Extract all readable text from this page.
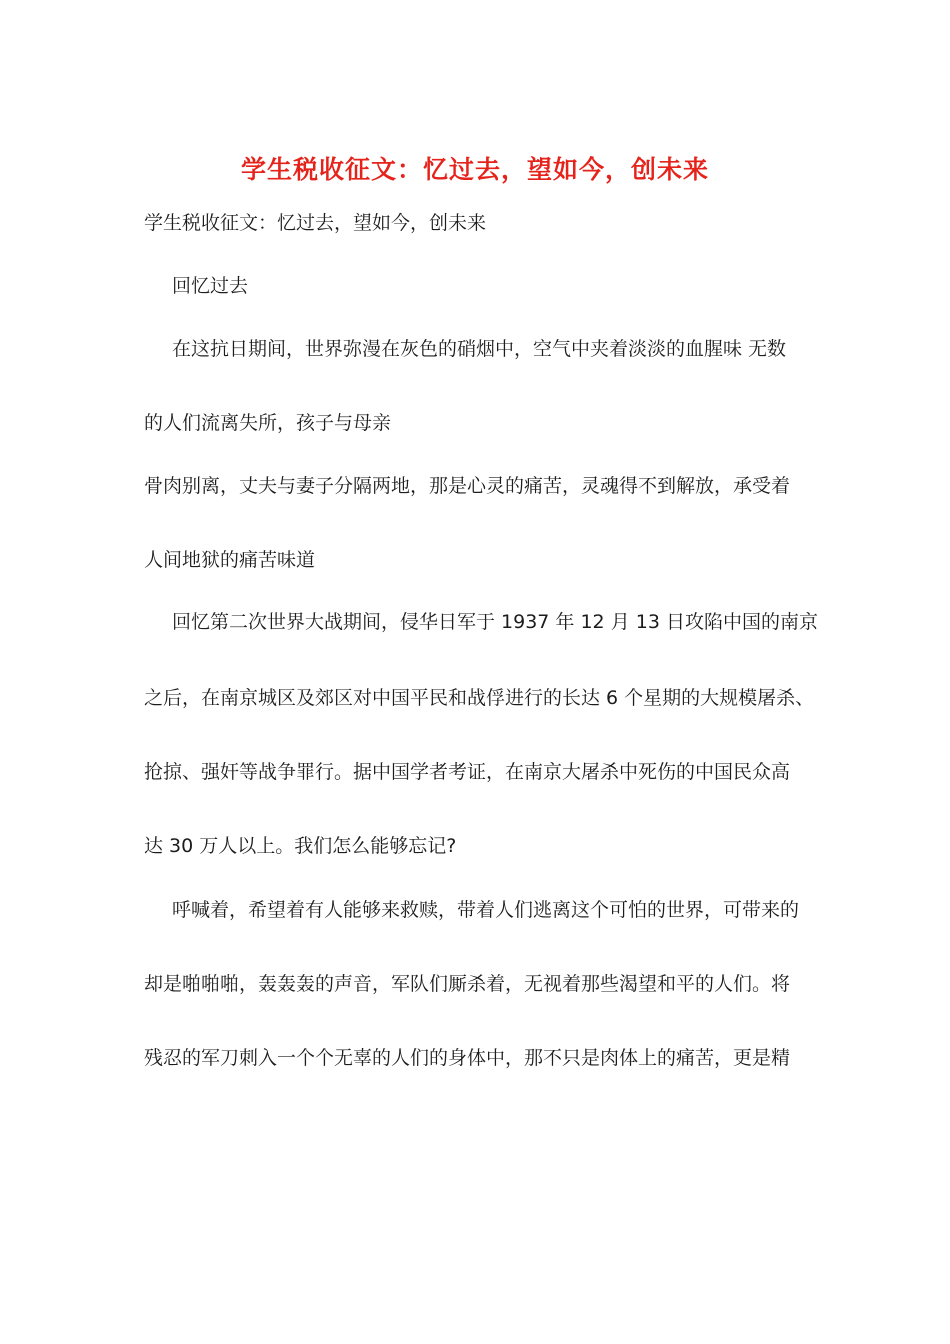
学生税收征文：忆过去，望如今，创未来
学生税收征文：忆过去，望如今，创未来
回忆过去
在这抗日期间，世界弥漫在灰色的硝烟中，空气中夹着淡淡的血腥味 无数
的人们流离失所，孩子与母亲
骨肉别离，丈夫与妻子分隔两地，那是心灵的痛苦，灵魂得不到解放，承受着
人间地狱的痛苦味道
回忆第二次世界大战期间，侵华日军于 1937 年 12 月 13 日攻陷中国的南京
之后，在南京城区及郊区对中国平民和战俘进行的长达 6 个星期的大规模屠杀、
抢掠、强奸等战争罪行。据中国学者考证，在南京大屠杀中死伤的中国民众高
达 30 万人以上。我们怎么能够忘记?
呼喊着，希望着有人能够来救赎，带着人们逃离这个可怕的世界，可带来的
却是啪啪啪，轰轰轰的声音，军队们厮杀着，无视着那些渴望和平的人们。将
残忍的军刀刺入一个个无辜的人们的身体中，那不只是肉体上的痛苦，更是精
